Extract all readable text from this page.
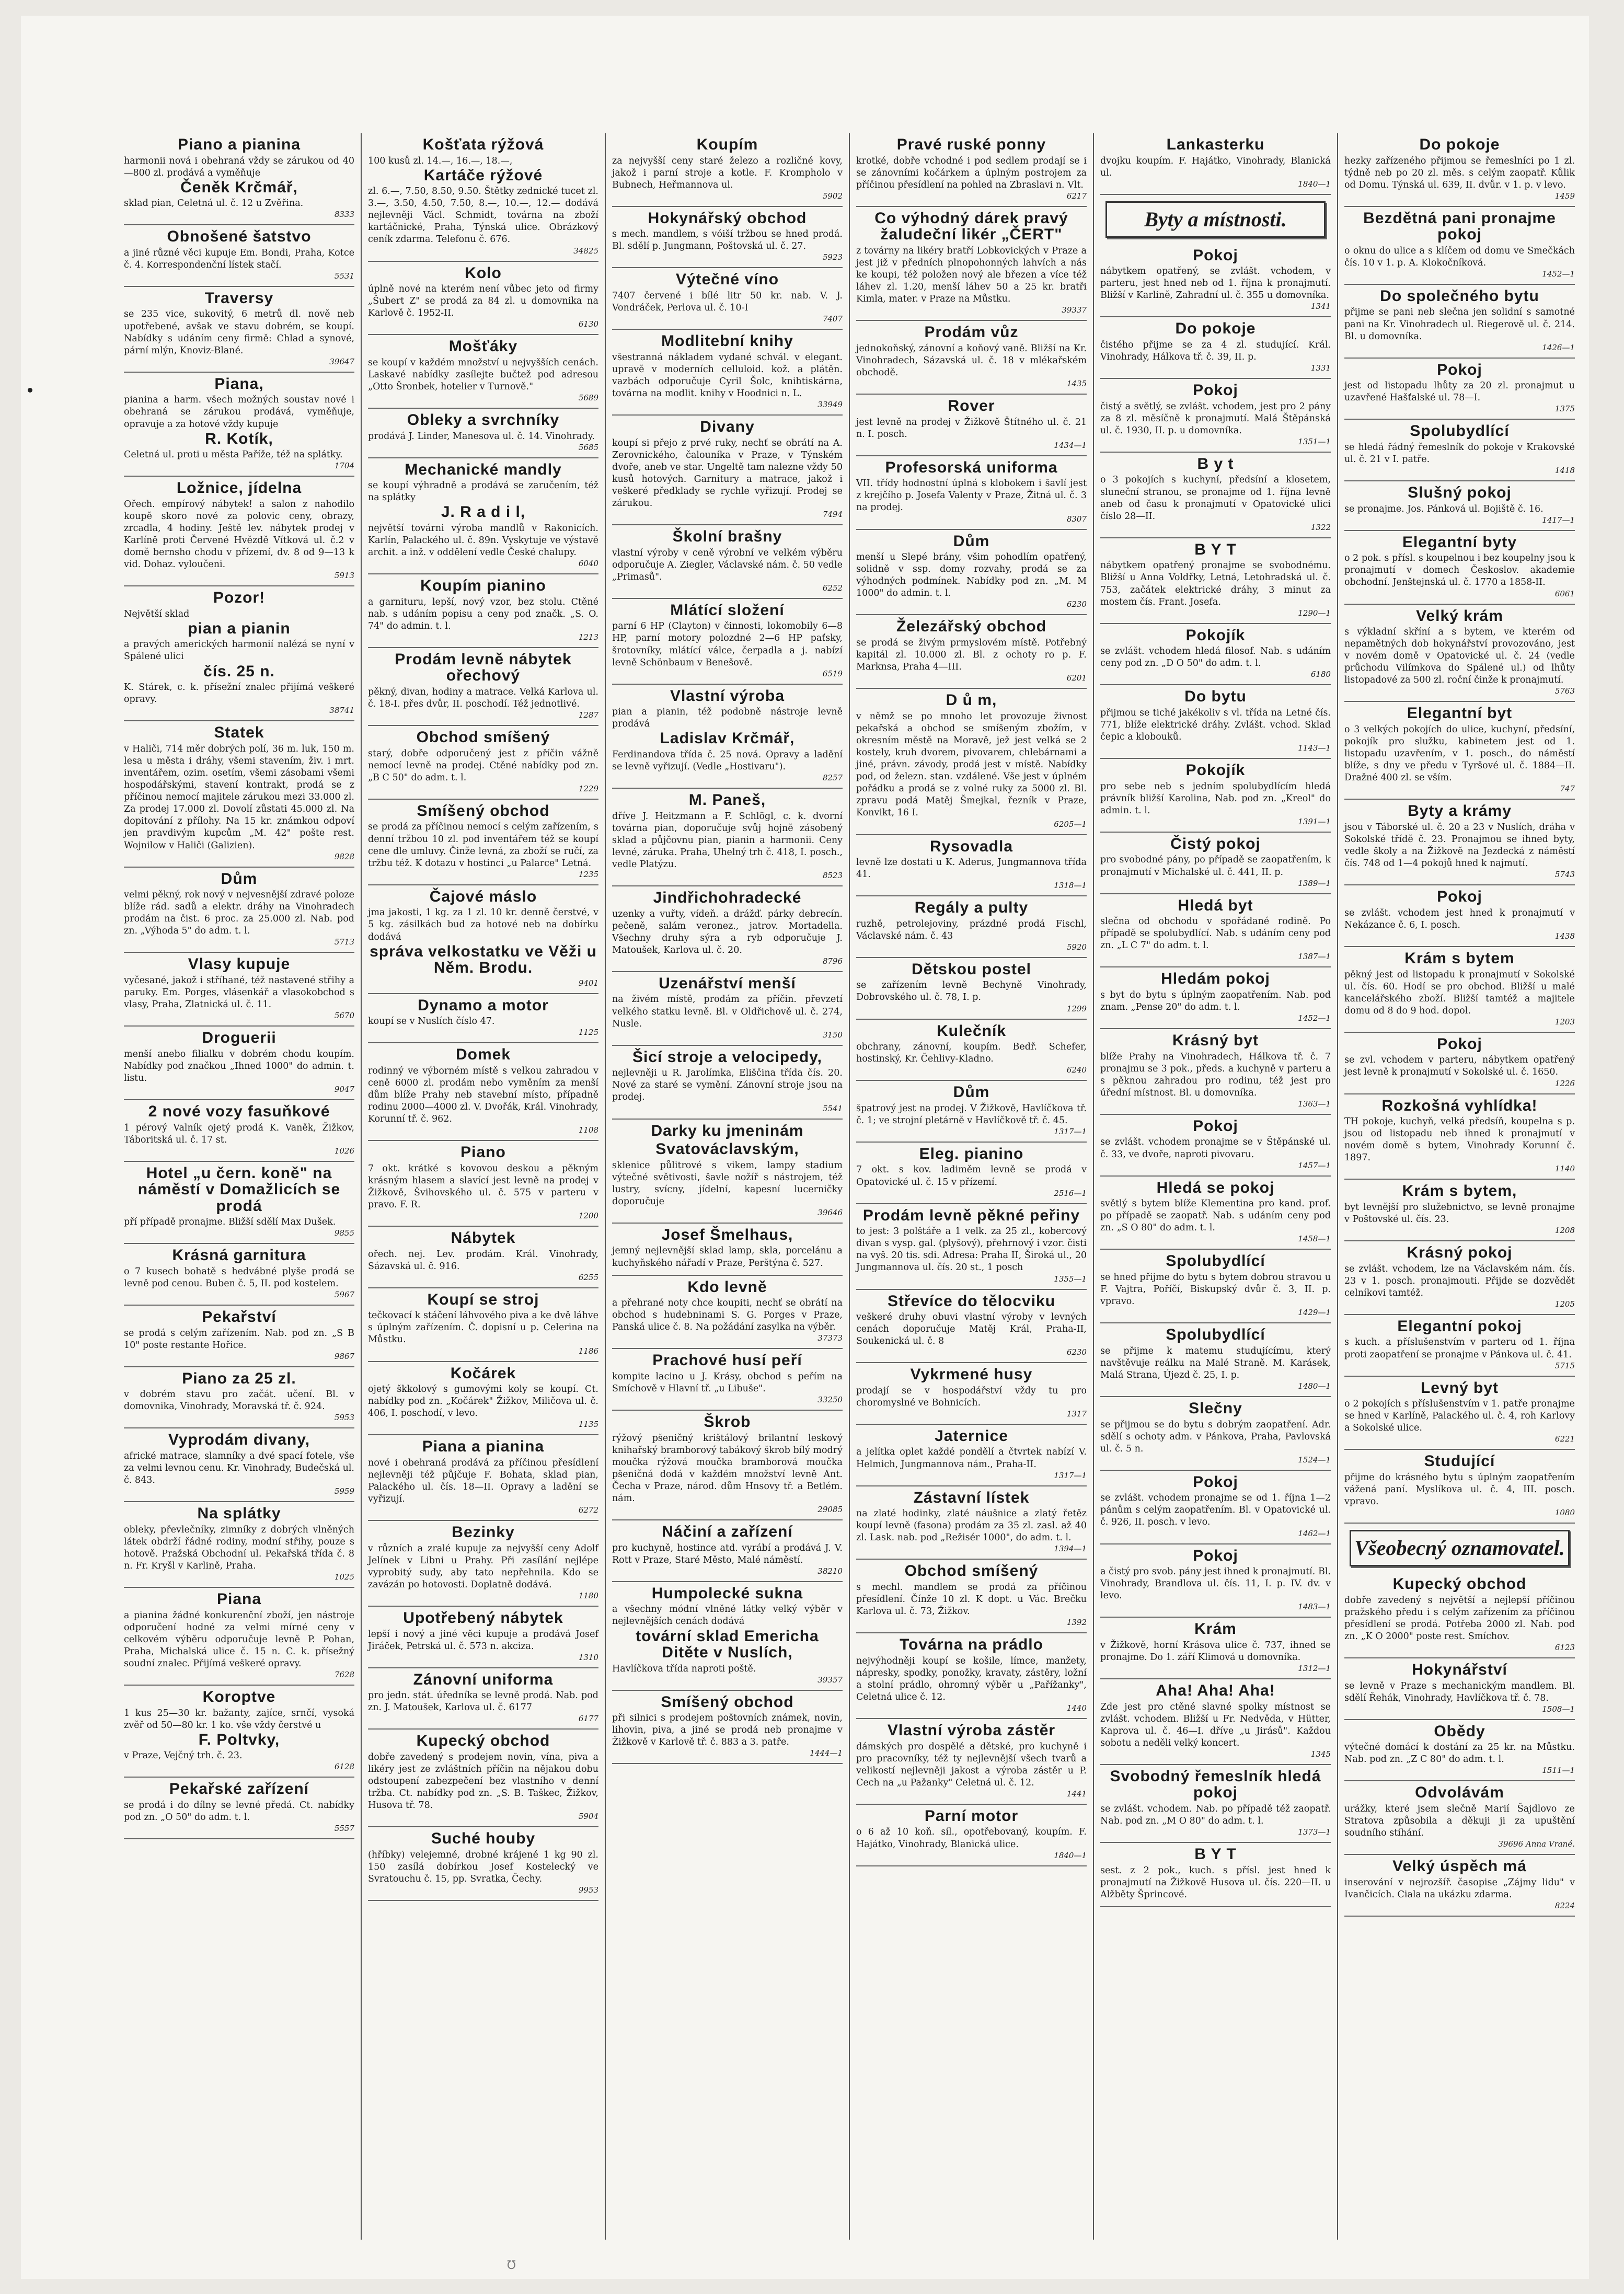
Piano a pianina

harmonii nová i obehraná vždy se zárukou od 40—800 zl. prodává a vyměňuje

Čeněk Krčmář,

sklad pian, Celetná ul. č. 12 u Zvěřina.

8333
Obnošené šatstvo

a jiné různé věci kupuje Em. Bondi, Praha, Kotce č. 4. Korrespondenční lístek stačí.

5531
Traversy

se 235 vice, sukovitý, 6 metrů dl. nově neb upotřebené, avšak ve stavu dobrém, se koupí. Nabídky s udáním ceny firmě: Chlad a synové, pární mlýn, Knoviz-Blané.

39647
Piana,

pianina a harm. všech možných soustav nové i obehraná se zárukou prodává, vyměňuje, opravuje a za hotové vždy kupuje

R. Kotík,

Celetná ul. proti u města Paříže, též na splátky.

1704
Ložnice, jídelna

Ořech. empírový nábytek! a salon z nahodilo koupě skoro nové za polovic ceny, obrazy, zrcadla, 4 hodiny. Ještě lev. nábytek prodej v Karlíně proti Červené Hvězdě Vítková ul. č.2 v domě bernsho chodu v přízemí, dv. 8 od 9—13 k vid. Dohaz. vyloučeni.

5913
Pozor!

Největší sklad

pian a pianin

a pravých amerických harmonií nalézá se nyní v Spálené ulici

čís. 25 n.

K. Stárek, c. k. přísežní znalec přijímá veškeré opravy.

38741
Statek

v Haliči, 714 měr dobrých polí, 36 m. luk, 150 m. lesa u města i dráhy, všemi stavením, živ. i mrt. inventářem, ozim. osetím, všemi zásobami všemi hospodářskými, stavení kontrakt, prodá se z příčinou nemocí majitele zárukou mezi 33.000 zl. Za prodej 17.000 zl. Dovolí zůstati 45.000 zl. Na dopitování z přílohy. Na 15 kr. známkou odpoví jen pravdivým kupcům „M. 42" pošte rest. Wojnilow v Haliči (Galizien).

9828
Dům

velmi pěkný, rok nový v nejvesnější zdravé poloze blíže rád. sadů a elektr. dráhy na Vinohradech prodám na čist. 6 proc. za 25.000 zl. Nab. pod zn. „Výhoda 5" do adm. t. l.

5713
Vlasy kupuje

vyčesané, jakož i stříhané, též nastavené střihy a paruky. Em. Porges, vlásenkář a vlasokobchod s vlasy, Praha, Zlatnická ul. č. 11.

5670
Droguerii

menší anebo filialku v dobrém chodu koupím. Nabídky pod značkou „Ihned 1000" do admin. t. listu.

9047
2 nové vozy fasuňkové

1 pérový Valník ojetý prodá K. Vaněk, Žižkov, Táboritská ul. č. 17 st.

1026
Hotel „u čern. koně" na náměstí v Domažlicích se prodá

pří případě pronajme. Bližší sdělí Max Dušek.

9855
Krásná garnitura

o 7 kusech bohatě s hedvábné plyše prodá se levně pod cenou. Buben č. 5, II. pod kostelem.

5967
Pekařství

se prodá s celým zařízením. Nab. pod zn. „S B 10" poste restante Hořice.

9867
Piano za 25 zl.

v dobrém stavu pro začát. učení. Bl. v domovnika, Vinohrady, Moravská tř. č. 924.

5953
Vyprodám divany,

africké matrace, slamníky a dvé spací fotele, vše za velmi levnou cenu. Kr. Vinohrady, Budečská ul. č. 843.

5959
Na splátky

obleky, převlečníky, zimníky z dobrých vlněných látek obdrží řádné rodiny, modní střihy, pouze s hotově. Pražská Obchodní ul. Pekařská třída č. 8 n. Fr. Kryšl v Karlině, Praha.

1025
Piana

a pianina žádné konkurenční zboží, jen nástroje odporučení hodné za velmi mírné ceny v celkovém výběru odporučuje levně P. Pohan, Praha, Michalská ulice č. 15 n. C. k. přísežný soudní znalec. Přijímá veškeré opravy.

7628
Koroptve

1 kus 25—30 kr. bažanty, zajíce, srnčí, vysoká zvěř od 50—80 kr. 1 ko. vše vždy čerstvé u

F. Poltvky,

v Praze, Vejčný trh. č. 23.

6128
Pekařské zařízení

se prodá i do dílny se levné předá. Ct. nabídky pod zn. „O 50" do adm. t. l.

5557
Košťata rýžová

100 kusů zl. 14.—, 16.—, 18.—,

Kartáče rýžové

zl. 6.—, 7.50, 8.50, 9.50. Štětky zednické tucet zl. 3.—, 3.50, 4.50, 7.50, 8.—, 10.—, 12.— dodává nejlevněji Václ. Schmidt, továrna na zboží kartáčnické, Praha, Týnská ulice. Obrázkový ceník zdarma. Telefonu č. 676.

34825
Kolo

úplně nové na kterém není vůbec jeto od firmy „Šubert Z" se prodá za 84 zl. u domovnika na Karlově č. 1952-II.

6130
Mošťáky

se koupí v každém množství u nejvyšších cenách. Laskavé nabídky zasílejte bučtež pod adresou „Otto Šronbek, hotelier v Turnově."

5689
Obleky a svrchníky

prodává J. Linder, Manesova ul. č. 14. Vinohrady.

5685
Mechanické mandly

se koupí výhradně a prodává se zaručením, též na splátky

J. R a d i l,

největší továrni výroba mandlů v Rakonicích. Karlín, Palackého ul. č. 89n. Vyskytuje ve výstavě archit. a inž. v oddělení vedle České chalupy.

6040
Koupím pianino

a garnituru, lepší, nový vzor, bez stolu. Ctěné nab. s udáním popisu a ceny pod značk. „S. O. 74" do admin. t. l.

1213
Prodám levně nábytek ořechový

pěkný, divan, hodiny a matrace. Velká Karlova ul. č. 18-I. přes dvůr, II. poschodí. Též jednotlivé.

1287
Obchod smíšený

starý, dobře odporučený jest z příčin vážně nemocí levně na prodej. Ctěné nabídky pod zn. „B C 50" do adm. t. l.

1229
Smíšený obchod

se prodá za příčinou nemocí s celým zařízením, s denní tržbou 10 zl. pod inventářem též se koupí cene dle umluvy. Činže levná, za zboží se ručí, za tržbu též. K dotazu v hostinci „u Palarce" Letná.

1235
Čajové máslo

jma jakosti, 1 kg. za 1 zl. 10 kr. denně čerstvé, v 5 kg. zásilkách bud za hotové neb na dobírku dodává

správa velkostatku ve Věži u Něm. Brodu.
9401
Dynamo a motor

koupí se v Nuslích číslo 47.

1125
Domek

rodinný ve výborném místě s velkou zahradou v ceně 6000 zl. prodám nebo vyměním za menší dům blíže Prahy neb stavební místo, případně rodinu 2000—4000 zl. V. Dvořák, Král. Vinohrady, Korunní tř. č. 962.

1108
Piano

7 okt. krátké s kovovou deskou a pěkným krásným hlasem a slavící jest levně na prodej v Žižkově, Švihovského ul. č. 575 v parteru v pravo. F. R.

1200
Nábytek

ořech. nej. Lev. prodám. Král. Vinohrady, Sázavská ul. č. 916.

6255
Koupí se stroj

tečkovací k stáčení láhvového piva a ke dvě láhve s úplným zařízením. Č. dopisní u p. Celerina na Můstku.

1186
Kočárek

ojetý škkolový s gumovými koly se koupí. Ct. nabídky pod zn. „Kočárek" Žižkov, Miličova ul. č. 406, I. poschodí, v levo.

1135
Piana a pianina

nové i obehraná prodává za příčinou přesídlení nejlevněji též půjčuje F. Bohata, sklad pian, Palackého ul. čís. 18—II. Opravy a ladění se vyřizují.

6272
Bezinky

v různích a zralé kupuje za nejvyšší ceny Adolf Jelínek v Libni u Prahy. Při zasílání nejlépe vyprobitý sudy, aby tato nepřehnila. Kdo se zavázán po hotovosti. Doplatně dodává.

1180
Upotřebený nábytek

lepší i nový a jiné věci kupuje a prodává Josef Jiráček, Petrská ul. č. 573 n. akciza.

1310
Zánovní uniforma

pro jedn. stát. úředníka se levně prodá. Nab. pod zn. J. Matoušek, Karlova ul. č. 6177

6177
Kupecký obchod

dobře zavedený s prodejem novin, vína, piva a likéry jest ze zvláštních příčin na nějakou dobu odstoupení zabezpečení bez vlastního v denní tržba. Ct. nabídky pod zn. „S. B. Taškec, Žižkov, Husova tř. 78.

5904
Suché houby

(hříbky) velejemné, drobné krájené 1 kg 90 zl. 150 zasílá dobírkou Josef Kostelecký ve Svratouchu č. 15, pp. Svratka, Čechy.

9953
Koupím

za nejvyšší ceny staré železo a rozličné kovy, jakož i parní stroje a kotle. F. Krompholo v Bubnech, Heřmannova ul.

5902
Hokynářský obchod

s mech. mandlem, s vóiší tržbou se hned prodá. Bl. sdělí p. Jungmann, Poštovská ul. č. 27.

5923
Výtečné víno

7407 červené i bílé litr 50 kr. nab. V. J. Vondráček, Perlova ul. č. 10-I

7407
Modlitební knihy

všestranná nákladem vydané schvál. v elegant. upravě v moderních celluloid. kož. a plátěn. vazbách odporučuje Cyril Šolc, knihtiskárna, továrna na modlit. knihy v Hoodnici n. L.

33949
Divany

koupí si přejo z prvé ruky, nechť se obrátí na A. Zerovnického, čalouníka v Praze, v Týnském dvoře, aneb ve star. Ungeltě tam nalezne vždy 50 kusů hotových. Garnitury a matrace, jakož i veškeré předklady se rychle vyřizují. Prodej se zárukou.

7494
Školní brašny

vlastní výroby v ceně výrobní ve velkém výběru odporučuje A. Ziegler, Václavské nám. č. 50 vedle „Primasů".

6252
Mlátící složení

parní 6 HP (Clayton) v činnosti, lokomobily 6—8 HP, parní motory polozdné 2—6 HP paťsky, šrotovníky, mlátící válce, čerpadla a j. nabízí levně Schönbaum v Benešově.

6519
Vlastní výroba

pian a pianin, též podobně nástroje levně prodává

Ladislav Krčmář,

Ferdinandova třída č. 25 nová. Opravy a ladění se levně vyřizují. (Vedle „Hostivaru").

8257
M. Paneš,

dříve J. Heitzmann a F. Schlögl, c. k. dvorní továrna pian, doporučuje svůj hojně zásobený sklad a půjčovnu pian, pianin a harmonii. Ceny levné, záruka. Praha, Uhelný trh č. 418, I. posch., vedle Platýzu.

8523
Jindřichohradecké

uzenky a vuřty, vídeň. a drážď. párky debrecín. pečeně, salám veronez., jatrov. Mortadella. Všechny druhy sýra a ryb odporučuje J. Matoušek, Karlova ul. č. 20.

8796
Uzenářství menší

na živém místě, prodám za příčin. převzetí velkého statku levně. Bl. v Oldřichově ul. č. 274, Nusle.

3150
Šicí stroje a velocipedy,

nejlevněji u R. Jarolímka, Eliščina třída čís. 20. Nové za staré se vymění. Zánovní stroje jsou na prodej.

5541
Darky ku jmeninám
Svatováclavským,

sklenice půlitrové s vikem, lampy stadium výtečné světivosti, šavle nožíř s nástrojem, též lustry, svícny, jídelní, kapesní lucerničky doporučuje

39646
Josef Šmelhaus,

jemný nejlevnější sklad lamp, skla, porcelánu a kuchyňského nářadí v Praze, Perštýna č. 527.

Kdo levně

a přehrané noty chce koupiti, nechť se obrátí na obchod s hudebninami S. G. Porges v Praze, Panská ulice č. 8. Na požádání zasylka na výběr.

37373
Prachové husí peří

kompite lacino u J. Krásy, obchod s peřím na Smíchově v Hlavní tř. „u Libuše".

33250
Škrob

rýžový pšeničný krištálový brilantní leskový knihařský bramborový tabákový škrob bílý modrý moučka rýžová moučka bramborová moučka pšeničná dodá v každém množství levně Ant. Čecha v Praze, národ. dům Hnsovy tř. a Betlém. nám.

29085
Náčiní a zařízení

pro kuchyně, hostince atd. vyrábí a prodává J. V. Rott v Praze, Staré Město, Malé náměstí.

38210
Humpolecké sukna

a všechny módní vlněné látky velký výběr v nejlevnějších cenách dodává

tovární sklad Emericha Ditěte v Nuslích,

Havlíčkova třída naproti poště.

39357
Smíšený obchod

při silnici s prodejem poštovních známek, novin, lihovin, piva, a jiné se prodá neb pronajme v Žižkově v Karlově tř. č. 883 a 3. patře.

1444—1
Pravé ruské ponny

krotké, dobře vchodné i pod sedlem prodají se i se zánovními kočárkem a úplným postrojem za příčinou přesídlení na pohled na Zbraslavi n. Vlt.

6217
Co výhodný dárek pravý žaludeční likér „ČERT"

z továrny na likéry bratří Lobkovických v Praze a jest již v předních plnopohonných lahvích a nás ke koupi, též položen nový ale březen a více též láhev zl. 1.20, menší láhev 50 a 25 kr. bratři Kimla, mater. v Praze na Můstku.

39337
Prodám vůz

jednokoňský, zánovní a koňový vaně. Bližší na Kr. Vinohradech, Sázavská ul. č. 18 v mlékařském obchodě.

1435
Rover

jest levně na prodej v Žižkově Štítného ul. č. 21 n. I. posch.

1434—1
Profesorská uniforma

VII. třídy hodnostní úplná s klobokem i šavlí jest z krejčího p. Josefa Valenty v Praze, Žitná ul. č. 3 na prodej.

8307
Dům

menší u Slepé brány, všim pohodlím opatřený, solidně v ssp. domy rozvahy, prodá se za výhodných podmínek. Nabídky pod zn. „M. M 1000" do admin. t. l.

6230
Železářský obchod

se prodá se živým prmyslovém místě. Potřebný kapitál zl. 10.000 zl. Bl. z ochoty ro p. F. Marknsa, Praha 4—III.

6201
D ů m,

v němž se po mnoho let provozuje živnost pekařská a obchod se smíšeným zbožím, v okresním městě na Moravě, jež jest velká se 2 kostely, kruh dvorem, pivovarem, chlebárnami a jiné, právn. závody, prodá jest v místě. Nabídky pod, od železn. stan. vzdálené. Vše jest v úplném pořádku a prodá se z volné ruky za 5000 zl. Bl. zpravu podá Matěj Šmejkal, řezník v Praze, Konvikt, 16 I.

6205—1
Rysovadla

levně lze dostati u K. Aderus, Jungmannova třída 41.

1318—1
Regály a pulty

ruzhě, petrolejoviny, prázdné prodá Fischl, Václavské nám. č. 43

5920
Dětskou postel

se zařízením levně Bechyně Vinohrady, Dobrovského ul. č. 78, I. p.

1299
Kulečník

obchrany, zánovní, koupím. Bedř. Schefer, hostinský, Kr. Čehlivy-Kladno.

6240
Dům

špatrový jest na prodej. V Žižkově, Havlíčkova tř. č. 1; ve strojní pletárně v Havlíčkově tř. č. 45.

1317—1
Eleg. pianino

7 okt. s kov. ladiměm levně se prodá v Opatovické ul. č. 15 v přízemí.

2516—1
Prodám levně pěkné peřiny

to jest: 3 polštáře a 1 velk. za 25 zl., kobercový divan s vysp. gal. (plyšový), přehrnový i vzor. čisti na vyš. 20 tis. sdi. Adresa: Praha II, Široká ul., 20 Jungmannova ul. čís. 20 st., 1 posch

1355—1
Střevíce do tělocviku

veškeré druhy obuvi vlastní výroby v levných cenách doporučuje Matěj Král, Praha-II, Soukenická ul. č. 8

6230
Vykrmené husy

prodají se v hospodářství vždy tu pro choromyslné ve Bohnicích.

1317
Jaternice

a jelítka oplet každé pondělí a čtvrtek nabízí V. Helmich, Jungmannova nám., Praha-II.

1317—1
Zástavní lístek

na zlaté hodinky, zlaté náušnice a zlatý řetěz koupí levně (fasona) prodám za 35 zl. zasl. až 40 zl. Lask. nab. pod „Režisér 1000", do adm. t. l.

1394—1
Obchod smíšený

s mechl. mandlem se prodá za příčinou přesídlení. Čínže 10 zl. K dopt. u Vác. Brečku Karlova ul. č. 73, Žižkov.

1392
Továrna na prádlo

nejvýhodněji koupí se košile, límce, manžety, nápresky, spodky, ponožky, kravaty, zástěry, ložní a stolní prádlo, ohromný výběr u „Pařížanky", Celetná ulice č. 12.

1440
Vlastní výroba zástěr

dámských pro dospělé a dětské, pro kuchyně i pro pracovníky, též ty nejlevnější všech tvarů a velikostí nejlevněji jakost a výroba zástěr u P. Cech na „u Pažanky" Celetná ul. č. 12.

1441
Parní motor

o 6 až 10 koň. síl., opotřebovaný, koupím. F. Hajátko, Vinohrady, Blanická ulice.

1840—1
Lankasterku

dvojku koupím. F. Hajátko, Vinohrady, Blanická ul.

1840—1
Byty a místnosti.
Pokoj

nábytkem opatřený, se zvlášt. vchodem, v parteru, jest hned neb od 1. října k pronajmutí. Bližší v Karlině, Zahradní ul. č. 355 u domovníka.

1341
Do pokoje

čistého přijme se za 4 zl. studující. Král. Vinohrady, Hálkova tř. č. 39, II. p.

1331
Pokoj

čistý a světlý, se zvlášt. vchodem, jest pro 2 pány za 8 zl. měsíčně k pronajmutí. Malá Štěpánská ul. č. 1930, II. p. u domovníka.

1351—1
B y t

o 3 pokojích s kuchyní, předsíní a klosetem, sluneční stranou, se pronajme od 1. října levně aneb od času k pronajmutí v Opatovické ulici číslo 28—II.

1322
B Y T

nábytkem opatřený pronajme se svobodnému. Bližší u Anna Voldřky, Letná, Letohradská ul. č. 753, začátek elektrické dráhy, 3 minut za mostem čís. Frant. Josefa.

1290—1
Pokojík

se zvlášt. vchodem hledá filosof. Nab. s udáním ceny pod zn. „D O 50" do adm. t. l.

6180
Do bytu

přijmou se tiché jakékoliv s vl. třída na Letné čís. 771, blíže elektrické dráhy. Zvlášt. vchod. Sklad čepic a klobouků.

1143—1
Pokojík

pro sebe neb s jedním spolubydlícím hledá právník bližší Karolina, Nab. pod zn. „Kreol" do admin. t. l.

1391—1
Čistý pokoj

pro svobodné pány, po případě se zaopatřením, k pronajmutí v Michalské ul. č. 441, II. p.

1389—1
Hledá byt

slečna od obchodu v spořádané rodině. Po případě se spolubydlící. Nab. s udáním ceny pod zn. „L C 7" do adm. t. l.

1387—1
Hledám pokoj

s byt do bytu s úplným zaopatřením. Nab. pod znam. „Pense 20" do adm. t. l.

1452—1
Krásný byt

blíže Prahy na Vinohradech, Hálkova tř. č. 7 pronajmu se 3 pok., předs. a kuchyně v parteru a s pěknou zahradou pro rodinu, též jest pro úřední místnost. Bl. u domovníka.

1363—1
Pokoj

se zvlášt. vchodem pronajme se v Štěpánské ul. č. 33, ve dvoře, naproti pivovaru.

1457—1
Hledá se pokoj

světlý s bytem blíže Klementina pro kand. prof. po případě se zaopatř. Nab. s udáním ceny pod zn. „S O 80" do adm. t. l.

1458—1
Spolubydlící

se hned přijme do bytu s bytem dobrou stravou u F. Vajtra, Poříčí, Biskupský dvůr č. 3, II. p. vpravo.

1429—1
Spolubydlící

se přijme k matemu studujícímu, který navštěvuje reálku na Malé Straně. M. Karásek, Malá Strana, Újezd č. 25, I. p.

1480—1
Slečny

se přijmou se do bytu s dobrým zaopatření. Adr. sdělí s ochoty adm. v Pánkova, Praha, Pavlovská ul. č. 5 n.

1524—1
Pokoj

se zvlášt. vchodem pronajme se od 1. října 1—2 pánům s celým zaopatřením. Bl. v Opatovické ul. č. 926, II. posch. v levo.

1462—1
Pokoj

a čistý pro svob. pány jest ihned k pronajmutí. Bl. Vinohrady, Brandlova ul. čís. 11, I. p. IV. dv. v levo.

1483—1
Krám

v Žižkově, horní Krásova ulice č. 737, ihned se pronajme. Do 1. září Klimová u domovníka.

1312—1
Aha! Aha! Aha!

Zde jest pro ctěné slavné spolky místnost se zvlášt. vchodem. Bližší u Fr. Nedvěda, v Hütter, Kaprova ul. č. 46—I. dříve „u Jirásů". Každou sobotu a neděli velký koncert.

1345
Svobodný řemeslník hledá pokoj

se zvlášt. vchodem. Nab. po případě též zaopatř. Nab. pod zn. „M O 80" do adm. t. l.

1373—1
B Y T

sest. z 2 pok., kuch. s přísl. jest hned k pronajmutí na Žižkově Husova ul. čís. 220—II. u Alžběty Šprincové.

Do pokoje

hezky zařízeného přijmou se řemeslníci po 1 zl. týdně neb po 20 zl. měs. s celým zaopatř. Kůlik od Domu. Týnská ul. 639, II. dvůr. v 1. p. v levo.

1459
Bezdětná pani pronajme pokoj

o oknu do ulice a s klíčem od domu ve Smečkách čís. 10 v 1. p. A. Klokočníková.

1452—1
Do společného bytu

přijme se pani neb slečna jen solidní s samotné pani na Kr. Vinohradech ul. Riegerově ul. č. 214. Bl. u domovníka.

1426—1
Pokoj

jest od listopadu lhůty za 20 zl. pronajmut u uzavřené Hašťalské ul. 78—I.

1375
Spolubydlící

se hledá řádný řemeslník do pokoje v Krakovské ul. č. 21 v I. patře.

1418
Slušný pokoj

se pronajme. Jos. Pánková ul. Bojiště č. 16.

1417—1
Elegantní byty

o 2 pok. s přísl. s koupelnou i bez koupelny jsou k pronajmutí v domech Českoslov. akademie obchodní. Jenštejnská ul. č. 1770 a 1858-II.

6061
Velký krám

s výkladní skříní a s bytem, ve kterém od nepamětných dob hokynářství provozováno, jest v novém domě v Opatovické ul. č. 24 (vedle průchodu Vilímkova do Spálené ul.) od lhůty listopadové za 500 zl. roční činže k pronajmutí.

5763
Elegantní byt

o 3 velkých pokojích do ulice, kuchyní, předsíní, pokojík pro služku, kabinetem jest od 1. listopadu uzavřením, v 1. posch., do náměstí blíže, s dny ve předu v Tyršové ul. č. 1884—II. Dražné 400 zl. se vším.

747
Byty a krámy

jsou v Táborské ul. č. 20 a 23 v Nuslích, dráha v Sokolské třídě č. 23. Pronajmou se ihned byty, vedle školy a na Žižkově na Jezdecká z náměstí čís. 748 od 1—4 pokojů hned k najmutí.

5743
Pokoj

se zvlášt. vchodem jest hned k pronajmutí v Nekázance č. 6, I. posch.

1438
Krám s bytem

pěkný jest od listopadu k pronajmutí v Sokolské ul. čís. 60. Hodí se pro obchod. Bližší u malé kancelářského zboží. Bližší tamtéž a majitele domu od 8 do 9 hod. dopol.

1203
Pokoj

se zvl. vchodem v parteru, nábytkem opatřený jest levně k pronajmutí v Sokolské ul. č. 1650.

1226
Rozkošná vyhlídka!

TH pokoje, kuchyň, velká předsíň, koupelna s p. jsou od listopadu neb ihned k pronajmutí v novém domě s bytem, Vinohrady Korunní č. 1897.

1140
Krám s bytem,

byt levnější pro služebnictvo, se levně pronajme v Poštovské ul. čís. 23.

1208
Krásný pokoj

se zvlášt. vchodem, lze na Václavském nám. čís. 23 v 1. posch. pronajmouti. Přijde se dozvědět celníkovi tamtéž.

1205
Elegantní pokoj

s kuch. a příslušenstvím v parteru od 1. října proti zaopatření se pronajme v Pánkova ul. č. 41.

5715
Levný byt

o 2 pokojích s příslušenstvím v 1. patře pronajme se hned v Karlíně, Palackého ul. č. 4, roh Karlovy a Sokolské ulice.

6221
Studující

přijme do krásného bytu s úplným zaopatřením vážená paní. Myslíkova ul. č. 4, III. posch. vpravo.

1080
Všeobecný oznamovatel.
Kupecký obchod

dobře zavedený s největší a nejlepší příčinou pražského předu i s celým zařízením za příčinou přesídlení se prodá. Potřeba 2000 zl. Nab. pod zn. „K O 2000" poste rest. Smíchov.

6123
Hokynářství

se levně v Praze s mechanickým mandlem. Bl. sdělí Řehák, Vinohrady, Havlíčkova tř. č. 78.

1508—1
Obědy

výtečné domácí k dostání za 25 kr. na Můstku. Nab. pod zn. „Z C 80" do adm. t. l.

1511—1
Odvolávám

urážky, které jsem slečně Marií Šajdlovo ze Stratova způsobila a děkuji ji za upuštění soudního stíhání.

39696 Anna Vrané.
Velký úspěch má

inserování v nejrozšíř. časopise „Zájmy lidu" v Ivančicích. Ciala na ukázku zdarma.

8224
Ʊ
